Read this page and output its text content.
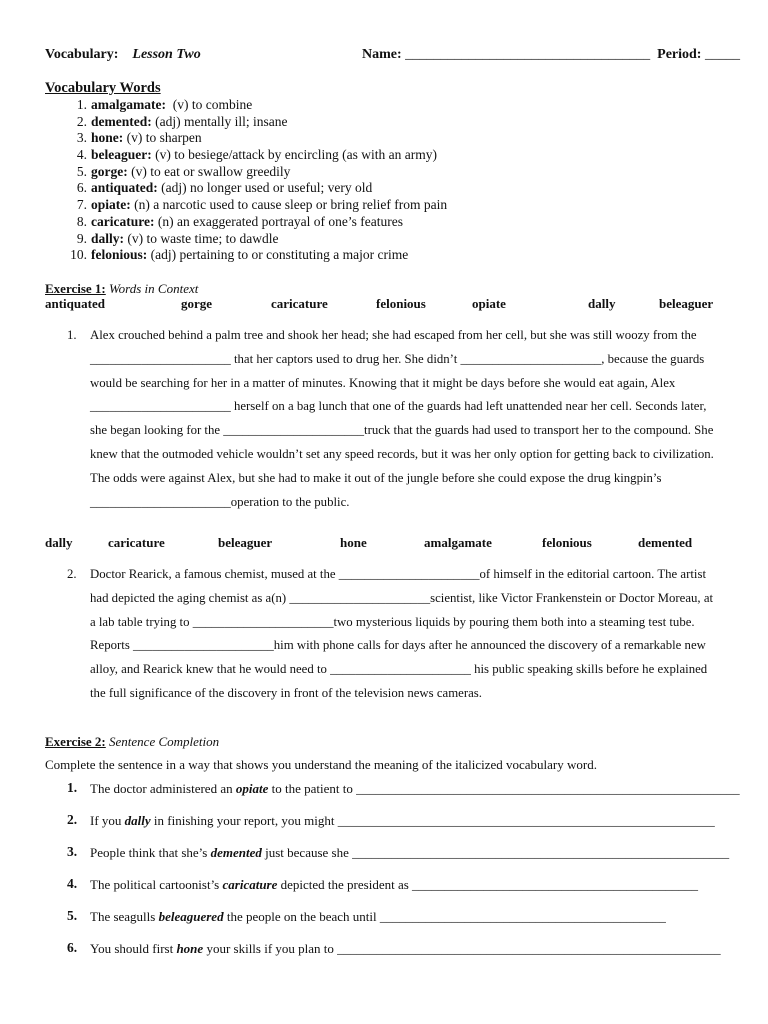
Vocabulary: Lesson Two	Name: ___________________________________ Period: _____
Vocabulary Words
1. amalgamate: (v) to combine
2. demented: (adj) mentally ill; insane
3. hone: (v) to sharpen
4. beleaguer: (v) to besiege/attack by encircling (as with an army)
5. gorge: (v) to eat or swallow greedily
6. antiquated: (adj) no longer used or useful; very old
7. opiate: (n) a narcotic used to cause sleep or bring relief from pain
8. caricature: (n) an exaggerated portrayal of one’s features
9. dally: (v) to waste time; to dawdle
10. felonious: (adj) pertaining to or constituting a major crime
Exercise 1: Words in Context
antiquated	gorge	caricature	felonious	opiate	dally	beleaguer
1. Alex crouched behind a palm tree and shook her head; she had escaped from her cell, but she was still woozy from the ______________________ that her captors used to drug her. She didn’t ______________________, because the guards would be searching for her in a matter of minutes. Knowing that it might be days before she would eat again, Alex ______________________ herself on a bag lunch that one of the guards had left unattended near her cell. Seconds later, she began looking for the ______________________truck that the guards had used to transport her to the compound. She knew that the outmoded vehicle wouldn’t set any speed records, but it was her only option for getting back to civilization. The odds were against Alex, but she had to make it out of the jungle before she could expose the drug kingpin’s ______________________operation to the public.
dally	caricature	beleaguer	hone	amalgamate	felonious	demented
2. Doctor Rearick, a famous chemist, mused at the ______________________of himself in the editorial cartoon. The artist had depicted the aging chemist as a(n) ______________________scientist, like Victor Frankenstein or Doctor Moreau, at a lab table trying to ______________________two mysterious liquids by pouring them both into a steaming test tube. Reports ______________________him with phone calls for days after he announced the discovery of a remarkable new alloy, and Rearick knew that he would need to ______________________ his public speaking skills before he explained the full significance of the discovery in front of the television news cameras.
Exercise 2: Sentence Completion
Complete the sentence in a way that shows you understand the meaning of the italicized vocabulary word.
1. The doctor administered an opiate to the patient to ___________________________________________________________
2. If you dally in finishing your report, you might __________________________________________________________
3. People think that she’s demented just because she __________________________________________________________
4. The political cartoonist’s caricature depicted the president as ____________________________________________
5. The seagulls beleaguered the people on the beach until ____________________________________________
6. You should first hone your skills if you plan to ___________________________________________________________
